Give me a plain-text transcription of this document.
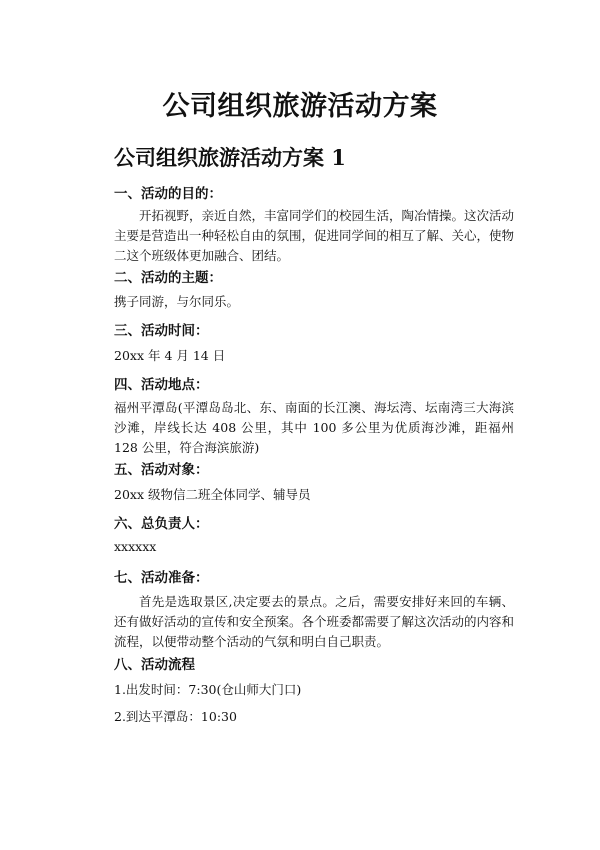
公司组织旅游活动方案
公司组织旅游活动方案 1
一、活动的目的：

开拓视野，亲近自然，丰富同学们的校园生活，陶冶情操。这次活动主要是营造出一种轻松自由的氛围，促进同学间的相互了解、关心，使物二这个班级体更加融合、团结。

二、活动的主题：
携子同游，与尔同乐。
三、活动时间：
20xx 年 4 月 14 日
四、活动地点：

福州平潭岛(平潭岛岛北、东、南面的长江澳、海坛湾、坛南湾三大海滨沙滩，岸线长达 408 公里，其中 100 多公里为优质海沙滩，距福州 128 公里，符合海滨旅游)

五、活动对象：
20xx 级物信二班全体同学、辅导员
六、总负责人：
xxxxxx
七、活动准备：

首先是选取景区,决定要去的景点。之后，需要安排好来回的车辆、还有做好活动的宣传和安全预案。各个班委都需要了解这次活动的内容和流程，以便带动整个活动的气氛和明白自己职责。

八、活动流程
1.出发时间：7:30(仓山师大门口)
2.到达平潭岛：10:30
